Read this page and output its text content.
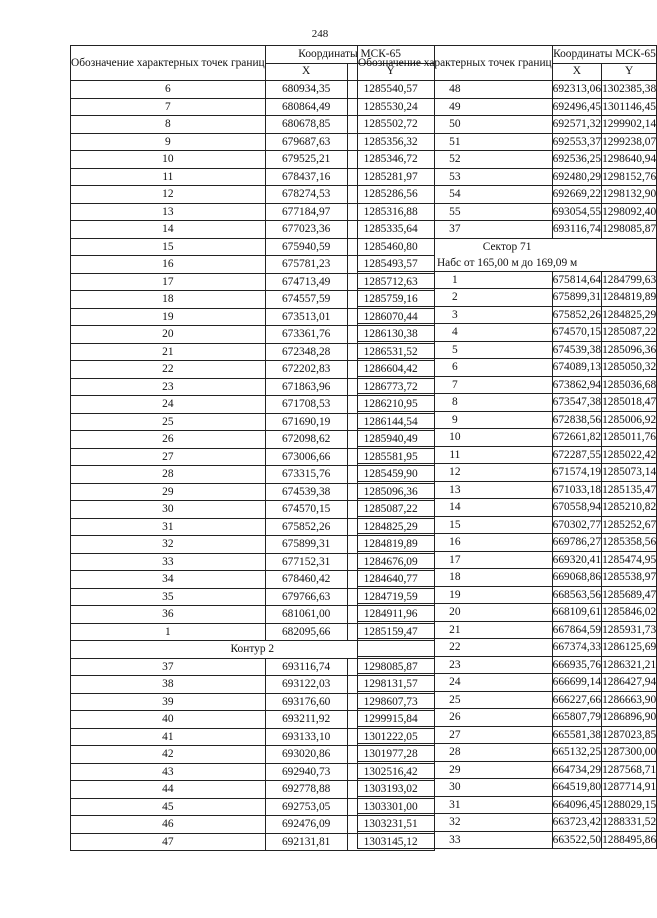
248
Обозначение характерных точек границ	Координаты МСК-65	
	X	Y
6	680934,35	1285540,57
7	680864,49	1285530,24
8	680678,85	1285502,72
9	679687,63	1285356,32
10	679525,21	1285346,72
11	678437,16	1285281,97
12	678274,53	1285286,56
13	677184,97	1285316,88
14	677023,36	1285335,64
15	675940,59	1285460,80
16	675781,23	1285493,57
17	674713,49	1285712,63
18	674557,59	1285759,16
19	673513,01	1286070,44
20	673361,76	1286130,38
21	672348,28	1286531,52
22	672202,83	1286604,42
23	671863,96	1286773,72
24	671708,53	1286210,95
25	671690,19	1286144,54
26	672098,62	1285940,49
27	673006,66	1285581,95
28	673315,76	1285459,90
29	674539,38	1285096,36
30	674570,15	1285087,22
31	675852,26	1284825,29
32	675899,31	1284819,89
33	677152,31	1284676,09
34	678460,42	1284640,77
35	679766,63	1284719,59
36	681061,00	1284911,96
1	682095,66	1285159,47

Контур 2		

37	693116,74	1298085,87
38	693122,03	1298131,57
39	693176,60	1298607,73
40	693211,92	1299915,84
41	693133,10	1301222,05
42	693020,86	1301977,28
43	692940,73	1302516,42
44	692778,88	1303193,02
45	692753,05	1303301,00
46	692476,09	1303231,51
47	692131,81	1303145,12
Обозначение характерных точек границ	Координаты МСК-65	
	X	Y
48	692313,06	1302385,38
49	692496,45	1301146,45
50	692571,32	1299902,14
51	692553,37	1299238,07
52	692536,25	1298640,94
53	692480,29	1298152,76
54	692669,22	1298132,90
55	693054,55	1298092,40
37	693116,74	1298085,87

Сектор 71
Набс от 165,00 м до 169,09 м		

1	675814,64	1284799,63
2	675899,31	1284819,89
3	675852,26	1284825,29
4	674570,15	1285087,22
5	674539,38	1285096,36
6	674089,13	1285050,32
7	673862,94	1285036,68
8	673547,38	1285018,47
9	672838,56	1285006,92
10	672661,82	1285011,76
11	672287,55	1285022,42
12	671574,19	1285073,14
13	671033,18	1285135,47
14	670558,94	1285210,82
15	670302,77	1285252,67
16	669786,27	1285358,56
17	669320,41	1285474,95
18	669068,86	1285538,97
19	668563,56	1285689,47
20	668109,61	1285846,02
21	667864,59	1285931,73
22	667374,33	1286125,69
23	666935,76	1286321,21
24	666699,14	1286427,94
25	666227,66	1286663,90
26	665807,79	1286896,90
27	665581,38	1287023,85
28	665132,25	1287300,00
29	664734,29	1287568,71
30	664519,80	1287714,91
31	664096,45	1288029,15
32	663723,42	1288331,52
33	663522,50	1288495,86
